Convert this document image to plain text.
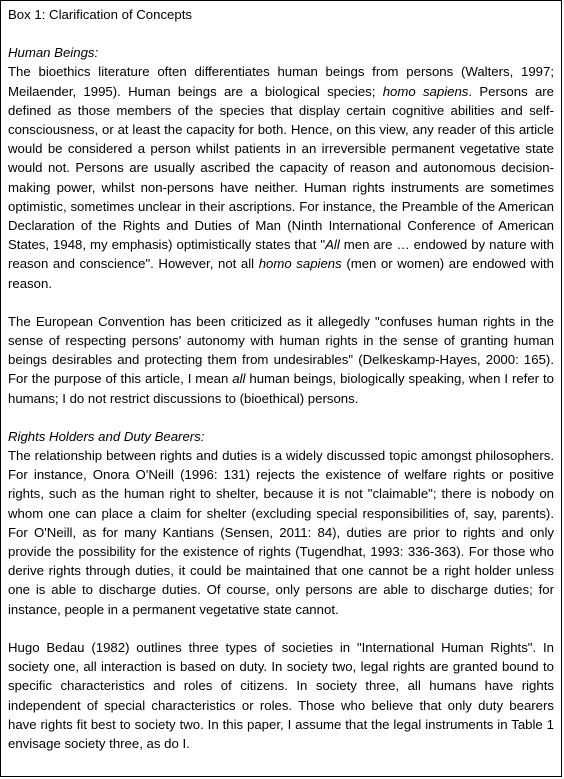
Box 1: Clarification of Concepts
Human Beings:

The bioethics literature often differentiates human beings from persons (Walters, 1997; Meilaender, 1995). Human beings are a biological species; homo sapiens. Persons are defined as those members of the species that display certain cognitive abilities and self-consciousness, or at least the capacity for both. Hence, on this view, any reader of this article would be considered a person whilst patients in an irreversible permanent vegetative state would not. Persons are usually ascribed the capacity of reason and autonomous decision-making power, whilst non-persons have neither. Human rights instruments are sometimes optimistic, sometimes unclear in their ascriptions. For instance, the Preamble of the American Declaration of the Rights and Duties of Man (Ninth International Conference of American States, 1948, my emphasis) optimistically states that "All men are … endowed by nature with reason and conscience". However, not all homo sapiens (men or women) are endowed with reason.

The European Convention has been criticized as it allegedly "confuses human rights in the sense of respecting persons' autonomy with human rights in the sense of granting human beings desirables and protecting them from undesirables" (Delkeskamp-Hayes, 2000: 165). For the purpose of this article, I mean all human beings, biologically speaking, when I refer to humans; I do not restrict discussions to (bioethical) persons.

Rights Holders and Duty Bearers:

The relationship between rights and duties is a widely discussed topic amongst philosophers. For instance, Onora O'Neill (1996: 131) rejects the existence of welfare rights or positive rights, such as the human right to shelter, because it is not "claimable"; there is nobody on whom one can place a claim for shelter (excluding special responsibilities of, say, parents). For O'Neill, as for many Kantians (Sensen, 2011: 84), duties are prior to rights and only provide the possibility for the existence of rights (Tugendhat, 1993: 336-363). For those who derive rights through duties, it could be maintained that one cannot be a right holder unless one is able to discharge duties. Of course, only persons are able to discharge duties; for instance, people in a permanent vegetative state cannot.

Hugo Bedau (1982) outlines three types of societies in "International Human Rights". In society one, all interaction is based on duty. In society two, legal rights are granted bound to specific characteristics and roles of citizens. In society three, all humans have rights independent of special characteristics or roles. Those who believe that only duty bearers have rights fit best to society two. In this paper, I assume that the legal instruments in Table 1 envisage society three, as do I.
